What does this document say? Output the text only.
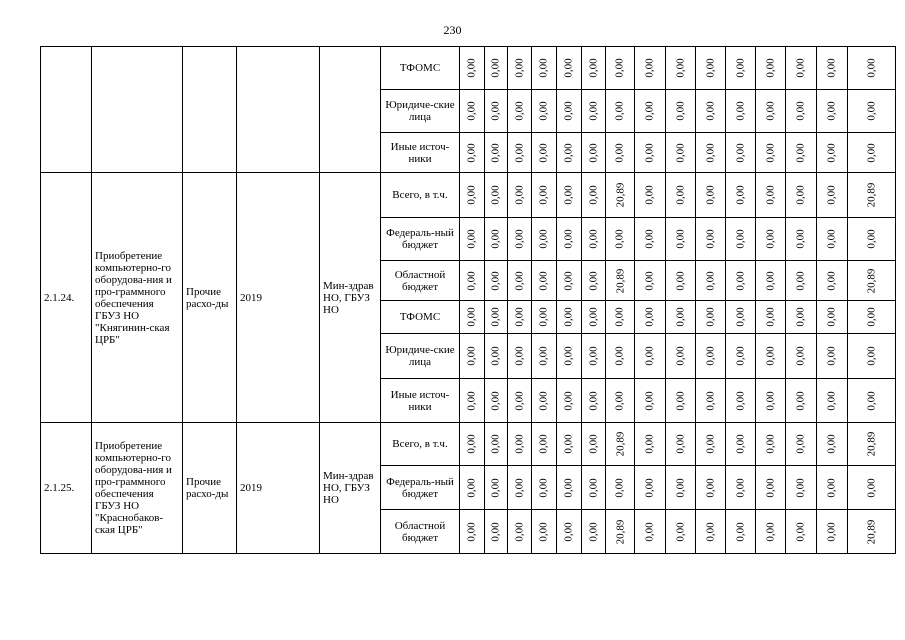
230
					ТФОМС	0,00	0,00	0,00	0,00	0,00	0,00	0,00	0,00	0,00	0,00	0,00	0,00	0,00	0,00	0,00
					Юридиче-ские лица	0,00	0,00	0,00	0,00	0,00	0,00	0,00	0,00	0,00	0,00	0,00	0,00	0,00	0,00	0,00
					Иные источ-ники	0,00	0,00	0,00	0,00	0,00	0,00	0,00	0,00	0,00	0,00	0,00	0,00	0,00	0,00	0,00
2.1.24.	Приобретение компьютерно-го оборудова-ния и про-граммного обеспечения ГБУЗ НО "Княгинин-ская ЦРБ"	Прочие расхо-ды	2019	Мин-здрав НО, ГБУЗ НО	Всего, в т.ч.	0,00	0,00	0,00	0,00	0,00	0,00	20,89	0,00	0,00	0,00	0,00	0,00	0,00	0,00	20,89
					Федераль-ный бюджет	0,00	0,00	0,00	0,00	0,00	0,00	0,00	0,00	0,00	0,00	0,00	0,00	0,00	0,00	0,00
					Областной бюджет	0,00	0,00	0,00	0,00	0,00	0,00	20,89	0,00	0,00	0,00	0,00	0,00	0,00	0,00	20,89
					ТФОМС	0,00	0,00	0,00	0,00	0,00	0,00	0,00	0,00	0,00	0,00	0,00	0,00	0,00	0,00	0,00
					Юридиче-ские лица	0,00	0,00	0,00	0,00	0,00	0,00	0,00	0,00	0,00	0,00	0,00	0,00	0,00	0,00	0,00
					Иные источ-ники	0,00	0,00	0,00	0,00	0,00	0,00	0,00	0,00	0,00	0,00	0,00	0,00	0,00	0,00	0,00
2.1.25.	Приобретение компьютерно-го оборудова-ния и про-граммного обеспечения ГБУЗ НО "Краснобаков-ская ЦРБ"	Прочие расхо-ды	2019	Мин-здрав НО, ГБУЗ НО	Всего, в т.ч.	0,00	0,00	0,00	0,00	0,00	0,00	20,89	0,00	0,00	0,00	0,00	0,00	0,00	0,00	20,89
					Федераль-ный бюджет	0,00	0,00	0,00	0,00	0,00	0,00	0,00	0,00	0,00	0,00	0,00	0,00	0,00	0,00	0,00
					Областной бюджет	0,00	0,00	0,00	0,00	0,00	0,00	20,89	0,00	0,00	0,00	0,00	0,00	0,00	0,00	20,89
